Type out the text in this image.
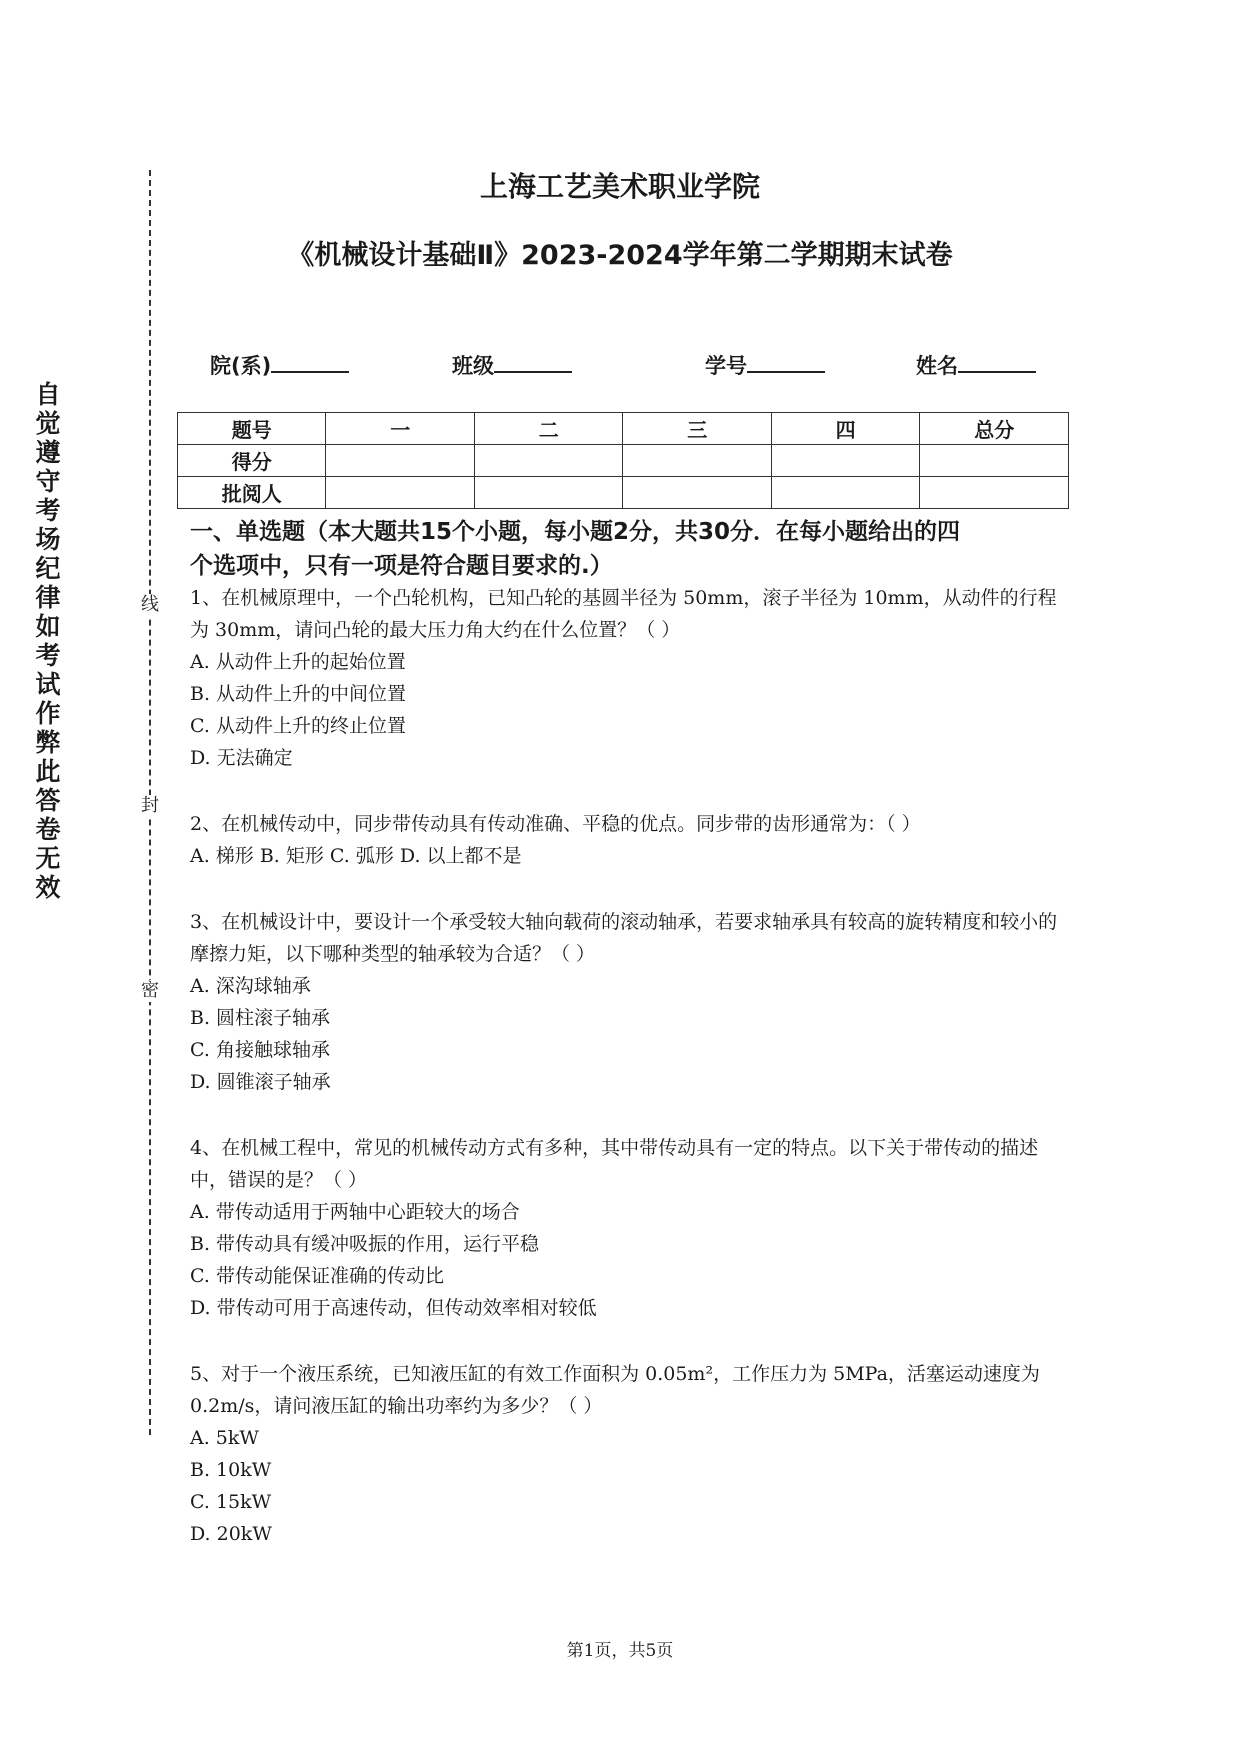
自觉遵守考场纪律如考试作弊此答卷无效
线
封
密
上海工艺美术职业学院
《机械设计基础Ⅱ》2023-2024学年第二学期期末试卷
院(系)	班级	学号	姓名
题号	一	二	三	四	总分
得分					
批阅人					
一、单选题（本大题共15个小题，每小题2分，共30分．在每小题给出的四
个选项中，只有一项是符合题目要求的.）
1、在机械原理中，一个凸轮机构，已知凸轮的基圆半径为 50mm，滚子半径为 10mm，从动件的行程为 30mm，请问凸轮的最大压力角大约在什么位置？（ ）
A. 从动件上升的起始位置
B. 从动件上升的中间位置
C. 从动件上升的终止位置
D. 无法确定
2、在机械传动中，同步带传动具有传动准确、平稳的优点。同步带的齿形通常为：（ ）
A. 梯形 B. 矩形 C. 弧形 D. 以上都不是
3、在机械设计中，要设计一个承受较大轴向载荷的滚动轴承，若要求轴承具有较高的旋转精度和较小的摩擦力矩，以下哪种类型的轴承较为合适？（ ）
A. 深沟球轴承
B. 圆柱滚子轴承
C. 角接触球轴承
D. 圆锥滚子轴承
4、在机械工程中，常见的机械传动方式有多种，其中带传动具有一定的特点。以下关于带传动的描述中，错误的是？（ ）
A. 带传动适用于两轴中心距较大的场合
B. 带传动具有缓冲吸振的作用，运行平稳
C. 带传动能保证准确的传动比
D. 带传动可用于高速传动，但传动效率相对较低
5、对于一个液压系统，已知液压缸的有效工作面积为 0.05m²，工作压力为 5MPa，活塞运动速度为 0.2m/s，请问液压缸的输出功率约为多少？（ ）
A. 5kW
B. 10kW
C. 15kW
D. 20kW
第1页，共5页
